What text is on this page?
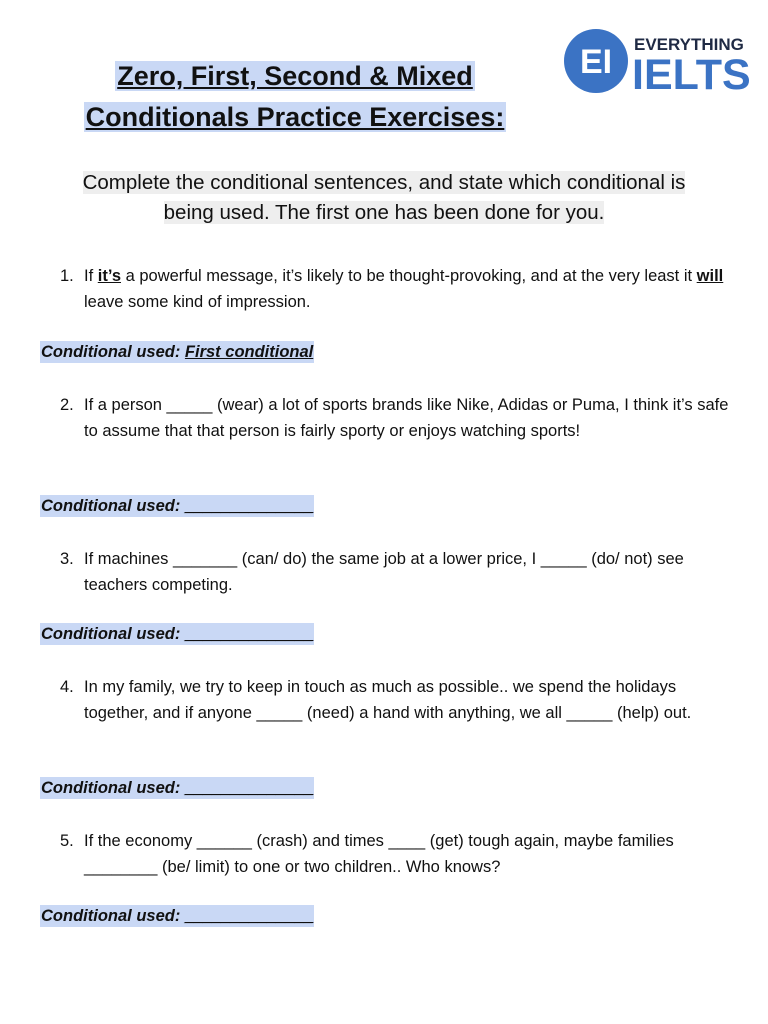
Zero, First, Second & Mixed
Conditionals Practice Exercises:
EI EVERYTHING
IELTS

Complete the conditional sentences, and state which conditional is
being used. The first one has been done for you.

1. If it’s a powerful message, it’s likely to be thought-provoking, and at the very least it will leave some kind of impression.
Conditional used: First conditional
2. If a person _____ (wear) a lot of sports brands like Nike, Adidas or Puma, I think it’s safe to assume that that person is fairly sporty or enjoys watching sports!
Conditional used: ______________
3. If machines _______ (can/ do) the same job at a lower price, I _____ (do/ not) see teachers competing.
Conditional used: ______________
4. In my family, we try to keep in touch as much as possible.. we spend the holidays together, and if anyone _____ (need) a hand with anything, we all _____ (help) out.
Conditional used: ______________
5. If the economy ______ (crash) and times ____ (get) tough again, maybe families ________ (be/ limit) to one or two children.. Who knows?
Conditional used: ______________
